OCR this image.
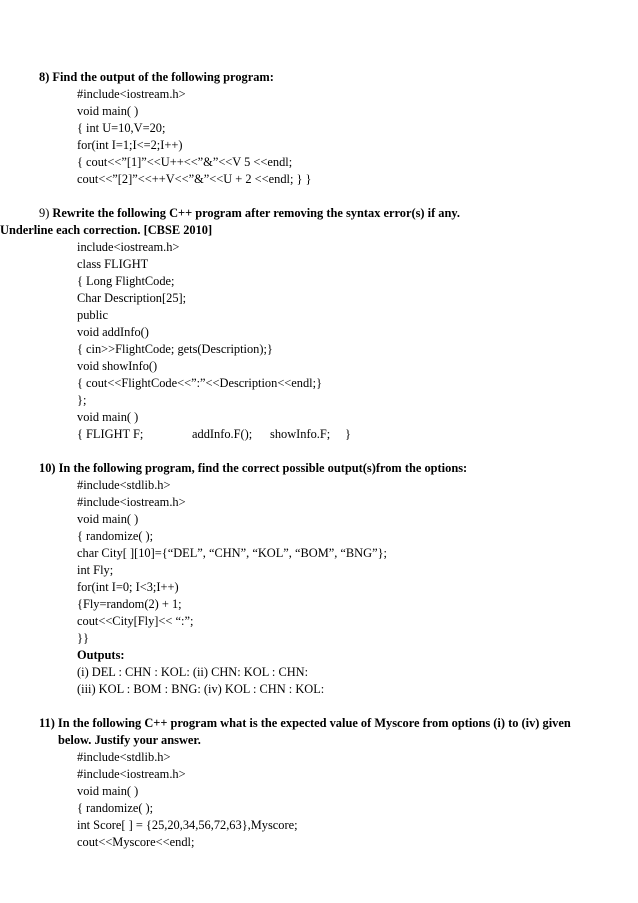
8) Find the output of the following program:
#include<iostream.h>
void main( )
{ int U=10,V=20;
for(int I=1;I<=2;I++)
{ cout<<”[1]”<<U++<<”&”<<V 5 <<endl;
cout<<”[2]”<<++V<<”&”<<U + 2 <<endl; } }
9) Rewrite the following C++ program after removing the syntax error(s) if any.
Underline each correction. [CBSE 2010]
include<iostream.h>
class FLIGHT
{ Long FlightCode;
Char Description[25];
public
void addInfo()
{ cin>>FlightCode; gets(Description);}
void showInfo()
{ cout<<FlightCode<<”:”<<Description<<endl;}
};
void main( )
{ FLIGHT F;	addInfo.F(); showInfo.F; }
10) In the following program, find the correct possible output(s)from the options:
#include<stdlib.h>
#include<iostream.h>
void main( )
{ randomize( );
char City[ ][10]={“DEL”, “CHN”, “KOL”, “BOM”, “BNG”};
int Fly;
for(int I=0; I<3;I++)
{Fly=random(2) + 1;
cout<<City[Fly]<< “:”;
}}
Outputs:
(i) DEL : CHN : KOL: (ii) CHN: KOL : CHN:
(iii) KOL : BOM : BNG: (iv) KOL : CHN : KOL:
11) In the following C++ program what is the expected value of Myscore from options (i) to (iv) given
below. Justify your answer.
#include<stdlib.h>
#include<iostream.h>
void main( )
{ randomize( );
int Score[ ] = {25,20,34,56,72,63},Myscore;
cout<<Myscore<<endl;
